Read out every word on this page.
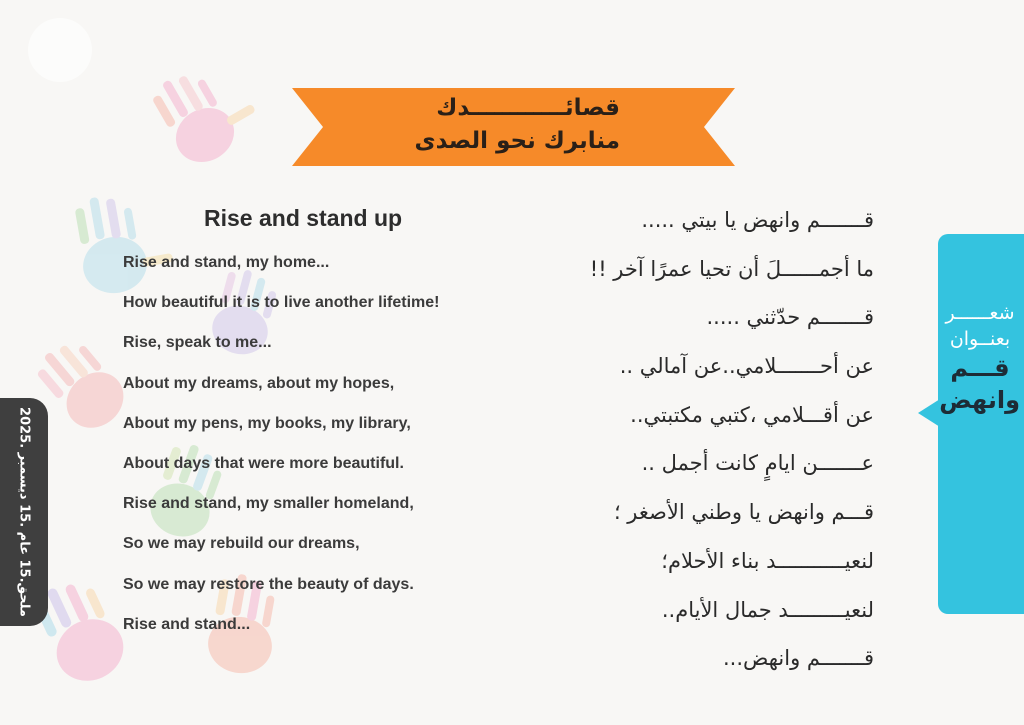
قصائــــــــــــدك
منابرك نحو الصدى
Rise and stand up
Rise and stand, my home...
How beautiful it is to live another lifetime!
Rise, speak to me...
About my dreams, about my hopes,
About my pens, my books, my library,
About days that were more beautiful.
Rise and stand, my smaller homeland,
So we may rebuild our dreams,
So we may restore the beauty of days.
Rise and stand...
قـــــــم وانهض يا بيتي .....
ما أجمــــــلَ أن تحيا عمرًا آخر !!
قـــــــم حدّثني .....
عن أحـــــــلامي..عن آمالي ..
عن أقـــلامي ،كتبي مكتبتي..
عـــــــن ايامٍ كانت أجمل ..
قـــم وانهض يا وطني الأصغر ؛
لنعيـــــــــــد بناء الأحلام؛
لنعيـــــــــد جمال الأيام..
قـــــــم وانهض...
شعــــــر
بعنــوان
قـــم
وانهض
ملحق.15 عام .15 ديسمبر .2025
